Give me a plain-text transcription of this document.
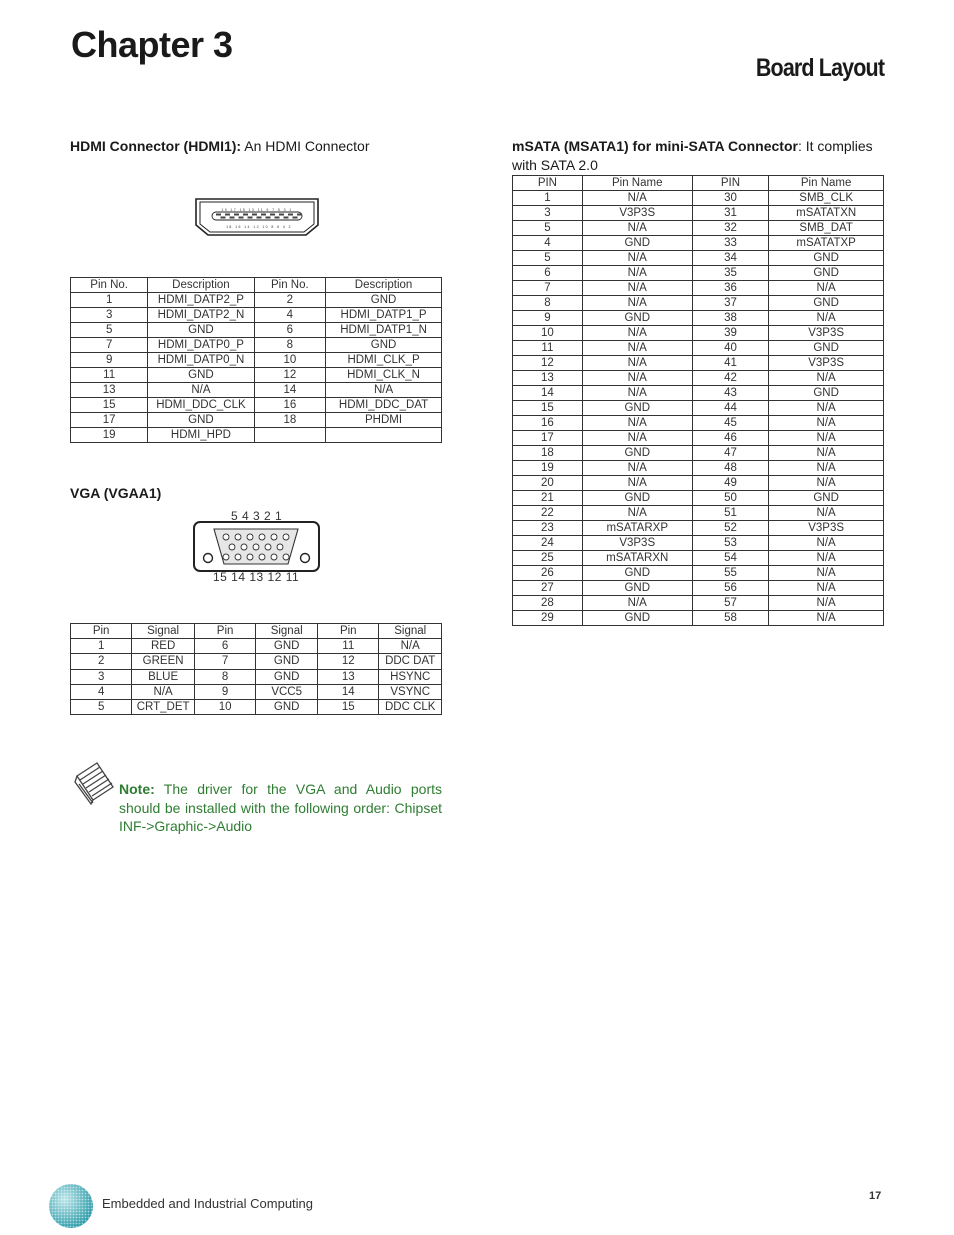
Chapter 3
Board Layout
HDMI Connector (HDMI1): An HDMI Connector
19 17 15 13 11 9 7 5 3 1
18 16 14 12 10 8 6 4 2
Pin No.	Description	Pin No.	Description
1	HDMI_DATP2_P	2	GND
3	HDMI_DATP2_N	4	HDMI_DATP1_P
5	GND	6	HDMI_DATP1_N
7	HDMI_DATP0_P	8	GND
9	HDMI_DATP0_N	10	HDMI_CLK_P
11	GND	12	HDMI_CLK_N
13	N/A	14	N/A
15	HDMI_DDC_CLK	16	HDMI_DDC_DAT
17	GND	18	PHDMI
19	HDMI_HPD		
VGA (VGAA1)
5 4 3 2 1
15 14 13 12 11
Pin	Signal	Pin	Signal	Pin	Signal
1	RED	6	GND	11	N/A
2	GREEN	7	GND	12	DDC DAT
3	BLUE	8	GND	13	HSYNC
4	N/A	9	VCC5	14	VSYNC
5	CRT_DET	10	GND	15	DDC CLK
Note: The driver for the VGA and Audio ports should be installed with the following order: Chipset INF->Graphic->Audio
mSATA (MSATA1) for mini-SATA Connector: It complies with SATA 2.0
PIN	Pin Name	PIN	Pin Name
1	N/A	30	SMB_CLK
3	V3P3S	31	mSATATXN
5	N/A	32	SMB_DAT
4	GND	33	mSATATXP
5	N/A	34	GND
6	N/A	35	GND
7	N/A	36	N/A
8	N/A	37	GND
9	GND	38	N/A
10	N/A	39	V3P3S
11	N/A	40	GND
12	N/A	41	V3P3S
13	N/A	42	N/A
14	N/A	43	GND
15	GND	44	N/A
16	N/A	45	N/A
17	N/A	46	N/A
18	GND	47	N/A
19	N/A	48	N/A
20	N/A	49	N/A
21	GND	50	GND
22	N/A	51	N/A
23	mSATARXP	52	V3P3S
24	V3P3S	53	N/A
25	mSATARXN	54	N/A
26	GND	55	N/A
27	GND	56	N/A
28	N/A	57	N/A
29	GND	58	N/A
Embedded and Industrial Computing	17
